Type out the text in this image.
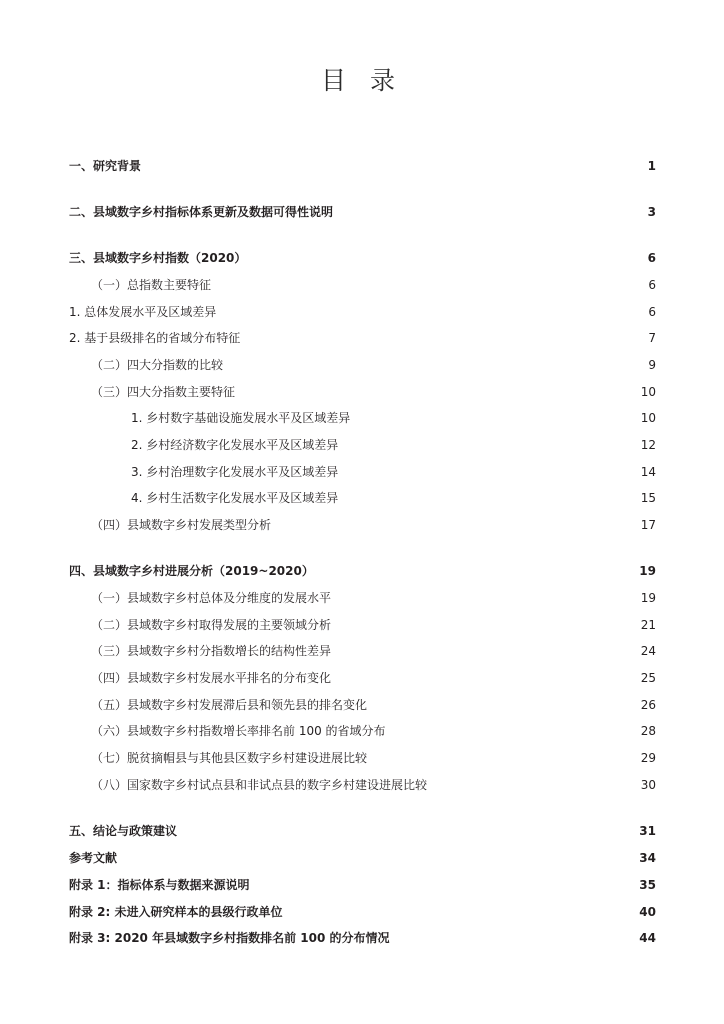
目 录
一、研究背景	1
二、县域数字乡村指标体系更新及数据可得性说明	3
三、县域数字乡村指数（2020）	6
（一）总指数主要特征	6
1. 总体发展水平及区域差异	6
2. 基于县级排名的省域分布特征	7
（二）四大分指数的比较	9
（三）四大分指数主要特征	10
1. 乡村数字基础设施发展水平及区域差异	10
2. 乡村经济数字化发展水平及区域差异	12
3. 乡村治理数字化发展水平及区域差异	14
4. 乡村生活数字化发展水平及区域差异	15
（四）县域数字乡村发展类型分析	17
四、县域数字乡村进展分析（2019~2020）	19
（一）县域数字乡村总体及分维度的发展水平	19
（二）县域数字乡村取得发展的主要领域分析	21
（三）县域数字乡村分指数增长的结构性差异	24
（四）县域数字乡村发展水平排名的分布变化	25
（五）县域数字乡村发展滞后县和领先县的排名变化	26
（六）县域数字乡村指数增长率排名前 100 的省域分布	28
（七）脱贫摘帽县与其他县区数字乡村建设进展比较	29
（八）国家数字乡村试点县和非试点县的数字乡村建设进展比较	30
五、结论与政策建议	31
参考文献	34
附录 1：指标体系与数据来源说明	35
附录 2: 未进入研究样本的县级行政单位	40
附录 3: 2020 年县域数字乡村指数排名前 100 的分布情况	44
